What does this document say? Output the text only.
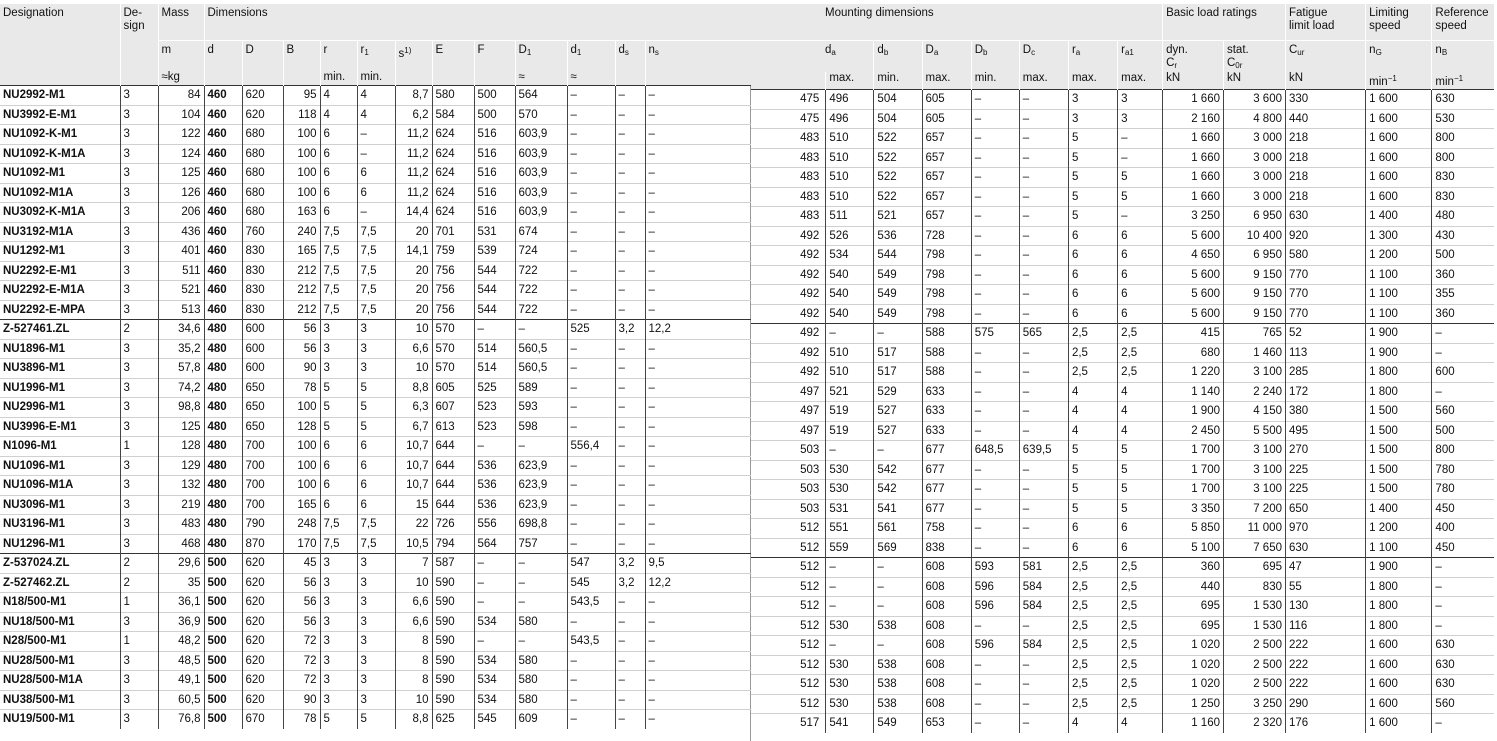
Designation	De-
sign	Mass	Dimensions											
		m	d	D	B	r	$r_1$	$s^{1)}$	E	F	$D_1$	$d_1$	$d_s$	$n_s$
		≈kg				min.	min.				≈	≈		
NU2992-M1	3	84	460	620	95	4	4	8,7	580	500	564	–	–	–
NU3992-E-M1	3	104	460	620	118	4	4	6,2	584	500	570	–	–	–
NU1092-K-M1	3	122	460	680	100	6	–	11,2	624	516	603,9	–	–	–
NU1092-K-M1A	3	124	460	680	100	6	–	11,2	624	516	603,9	–	–	–
NU1092-M1	3	125	460	680	100	6	6	11,2	624	516	603,9	–	–	–
NU1092-M1A	3	126	460	680	100	6	6	11,2	624	516	603,9	–	–	–
NU3092-K-M1A	3	206	460	680	163	6	–	14,4	624	516	603,9	–	–	–
NU3192-M1A	3	436	460	760	240	7,5	7,5	20	701	531	674	–	–	–
NU1292-M1	3	401	460	830	165	7,5	7,5	14,1	759	539	724	–	–	–
NU2292-E-M1	3	511	460	830	212	7,5	7,5	20	756	544	722	–	–	–
NU2292-E-M1A	3	521	460	830	212	7,5	7,5	20	756	544	722	–	–	–
NU2292-E-MPA	3	513	460	830	212	7,5	7,5	20	756	544	722	–	–	–
Z-527461.ZL	2	34,6	480	600	56	3	3	10	570	–	–	525	3,2	12,2
NU1896-M1	3	35,2	480	600	56	3	3	6,6	570	514	560,5	–	–	–
NU3896-M1	3	57,8	480	600	90	3	3	10	570	514	560,5	–	–	–
NU1996-M1	3	74,2	480	650	78	5	5	8,8	605	525	589	–	–	–
NU2996-M1	3	98,8	480	650	100	5	5	6,3	607	523	593	–	–	–
NU3996-E-M1	3	125	480	650	128	5	5	6,7	613	523	598	–	–	–
N1096-M1	1	128	480	700	100	6	6	10,7	644	–	–	556,4	–	–
NU1096-M1	3	129	480	700	100	6	6	10,7	644	536	623,9	–	–	–
NU1096-M1A	3	132	480	700	100	6	6	10,7	644	536	623,9	–	–	–
NU3096-M1	3	219	480	700	165	6	6	15	644	536	623,9	–	–	–
NU3196-M1	3	483	480	790	248	7,5	7,5	22	726	556	698,8	–	–	–
NU1296-M1	3	468	480	870	170	7,5	7,5	10,5	794	564	757	–	–	–
Z-537024.ZL	2	29,6	500	620	45	3	3	7	587	–	–	547	3,2	9,5
Z-527462.ZL	2	35	500	620	56	3	3	10	590	–	–	545	3,2	12,2
N18/500-M1	1	36,1	500	620	56	3	3	6,6	590	–	–	543,5	–	–
NU18/500-M1	3	36,9	500	620	56	3	3	6,6	590	534	580	–	–	–
N28/500-M1	1	48,2	500	620	72	3	3	8	590	–	–	543,5	–	–
NU28/500-M1	3	48,5	500	620	72	3	3	8	590	534	580	–	–	–
NU28/500-M1A	3	49,1	500	620	72	3	3	8	590	534	580	–	–	–
NU38/500-M1	3	60,5	500	620	90	3	3	10	590	534	580	–	–	–
NU19/500-M1	3	76,8	500	670	78	5	5	8,8	625	545	609	–	–	–
Mounting dimensions								Basic load ratings		Fatigue
limit load	Limiting
speed	Reference
speed
$d_a$		$d_b$	$D_a$	$D_b$	$D_c$	$r_a$	$r_{a1}$	dyn.
$C_r$	stat.
$C_{0r}$	$C_{ur}$	$n_G$	$n_B$
	max.	min.	max.	min.	max.	max.	max.	kN	kN	kN	$\min^{-1}$	$\min^{-1}$
475	496	504	605	–	–	3	3	1 660	3 600	330	1 600	630
475	496	504	605	–	–	3	3	2 160	4 800	440	1 600	530
483	510	522	657	–	–	5	–	1 660	3 000	218	1 600	800
483	510	522	657	–	–	5	–	1 660	3 000	218	1 600	800
483	510	522	657	–	–	5	5	1 660	3 000	218	1 600	830
483	510	522	657	–	–	5	5	1 660	3 000	218	1 600	830
483	511	521	657	–	–	5	–	3 250	6 950	630	1 400	480
492	526	536	728	–	–	6	6	5 600	10 400	920	1 300	430
492	534	544	798	–	–	6	6	4 650	6 950	580	1 200	500
492	540	549	798	–	–	6	6	5 600	9 150	770	1 100	360
492	540	549	798	–	–	6	6	5 600	9 150	770	1 100	355
492	540	549	798	–	–	6	6	5 600	9 150	770	1 100	360
492	–	–	588	575	565	2,5	2,5	415	765	52	1 900	–
492	510	517	588	–	–	2,5	2,5	680	1 460	113	1 900	–
492	510	517	588	–	–	2,5	2,5	1 220	3 100	285	1 800	600
497	521	529	633	–	–	4	4	1 140	2 240	172	1 800	–
497	519	527	633	–	–	4	4	1 900	4 150	380	1 500	560
497	519	527	633	–	–	4	4	2 450	5 500	495	1 500	500
503	–	–	677	648,5	639,5	5	5	1 700	3 100	270	1 500	800
503	530	542	677	–	–	5	5	1 700	3 100	225	1 500	780
503	530	542	677	–	–	5	5	1 700	3 100	225	1 500	780
503	531	541	677	–	–	5	5	3 350	7 200	650	1 400	450
512	551	561	758	–	–	6	6	5 850	11 000	970	1 200	400
512	559	569	838	–	–	6	6	5 100	7 650	630	1 100	450
512	–	–	608	593	581	2,5	2,5	360	695	47	1 900	–
512	–	–	608	596	584	2,5	2,5	440	830	55	1 800	–
512	–	–	608	596	584	2,5	2,5	695	1 530	130	1 800	–
512	530	538	608	–	–	2,5	2,5	695	1 530	116	1 800	–
512	–	–	608	596	584	2,5	2,5	1 020	2 500	222	1 600	630
512	530	538	608	–	–	2,5	2,5	1 020	2 500	222	1 600	630
512	530	538	608	–	–	2,5	2,5	1 020	2 500	222	1 600	630
512	530	538	608	–	–	2,5	2,5	1 250	3 250	290	1 600	560
517	541	549	653	–	–	4	4	1 160	2 320	176	1 600	–
